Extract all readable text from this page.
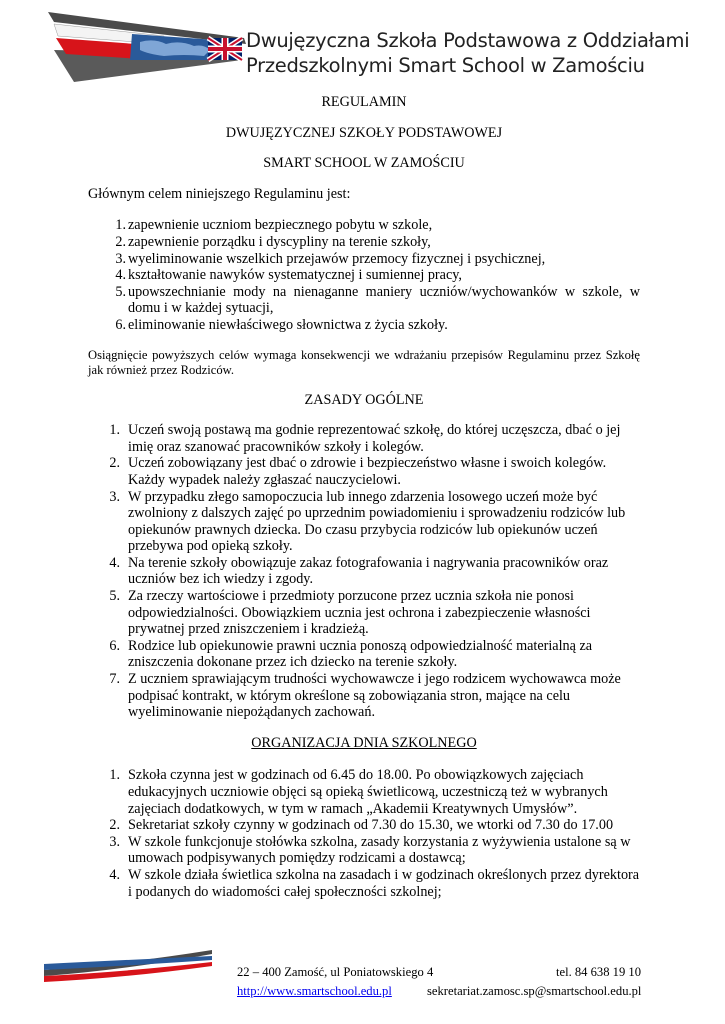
Dwujęzyczna Szkoła Podstawowa z Oddziałami
Przedszkolnymi Smart School w Zamościu
REGULAMIN
DWUJĘZYCZNEJ SZKOŁY PODSTAWOWEJ
SMART SCHOOL W ZAMOŚCIU
Głównym celem niniejszego Regulaminu jest:
1. zapewnienie uczniom bezpiecznego pobytu w szkole,
2. zapewnienie porządku i dyscypliny na terenie szkoły,
3. wyeliminowanie wszelkich przejawów przemocy fizycznej i psychicznej,
4. kształtowanie nawyków systematycznej i sumiennej pracy,
5. upowszechnianie mody na nienaganne maniery uczniów/wychowanków w szkole, w domu i w każdej sytuacji,
6. eliminowanie niewłaściwego słownictwa z życia szkoły.
Osiągnięcie powyższych celów wymaga konsekwencji we wdrażaniu przepisów Regulaminu przez Szkołę jak również przez Rodziców.
ZASADY OGÓLNE
1. Uczeń swoją postawą ma godnie reprezentować szkołę, do której uczęszcza, dbać o jej imię oraz szanować pracowników szkoły i kolegów.
2. Uczeń zobowiązany jest dbać o zdrowie i bezpieczeństwo własne i swoich kolegów. Każdy wypadek należy zgłaszać nauczycielowi.
3. W przypadku złego samopoczucia lub innego zdarzenia losowego uczeń może być zwolniony z dalszych zajęć po uprzednim powiadomieniu i sprowadzeniu rodziców lub opiekunów prawnych dziecka. Do czasu przybycia rodziców lub opiekunów uczeń przebywa pod opieką szkoły.
4. Na terenie szkoły obowiązuje zakaz fotografowania i nagrywania pracowników oraz uczniów bez ich wiedzy i zgody.
5. Za rzeczy wartościowe i przedmioty porzucone przez ucznia szkoła nie ponosi odpowiedzialności. Obowiązkiem ucznia jest ochrona i zabezpieczenie własności prywatnej przed zniszczeniem i kradzieżą.
6. Rodzice lub opiekunowie prawni ucznia ponoszą odpowiedzialność materialną za zniszczenia dokonane przez ich dziecko na terenie szkoły.
7. Z uczniem sprawiającym trudności wychowawcze i jego rodzicem wychowawca może podpisać kontrakt, w którym określone są zobowiązania stron, mające na celu wyeliminowanie niepożądanych zachowań.
ORGANIZACJA DNIA SZKOLNEGO
1. Szkoła czynna jest w godzinach od 6.45 do 18.00. Po obowiązkowych zajęciach edukacyjnych uczniowie objęci są opieką świetlicową, uczestniczą też w wybranych zajęciach dodatkowych, w tym w ramach „Akademii Kreatywnych Umysłów”.
2. Sekretariat szkoły czynny w godzinach od 7.30 do 15.30, we wtorki od 7.30 do 17.00
3. W szkole funkcjonuje stołówka szkolna, zasady korzystania z wyżywienia ustalone są w umowach podpisywanych pomiędzy rodzicami a dostawcą;
4. W szkole działa świetlica szkolna na zasadach i w godzinach określonych przez dyrektora i podanych do wiadomości całej społeczności szkolnej;
22 – 400 Zamość, ul Poniatowskiego 4	tel. 84 638 19 10
http://www.smartschool.edu.pl	sekretariat.zamosc.sp@smartschool.edu.pl
